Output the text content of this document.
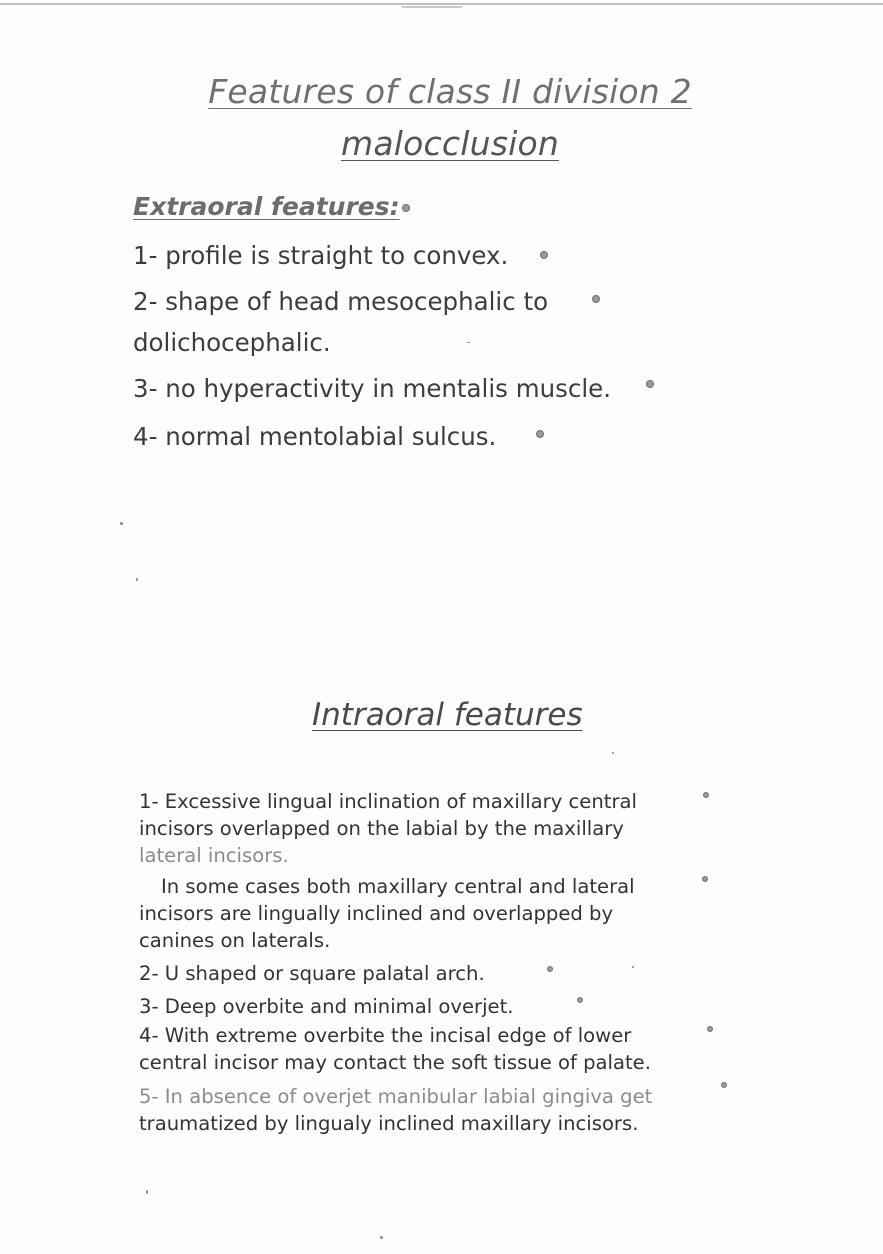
Features of class II division 2
malocclusion
Extraoral features:
1- profile is straight to convex.
2- shape of head mesocephalic to
dolichocephalic.
3- no hyperactivity in mentalis muscle.
4- normal mentolabial sulcus.
Intraoral features
1- Excessive lingual inclination of maxillary central
incisors overlapped on the labial by the maxillary
lateral incisors.
In some cases both maxillary central and lateral
incisors are lingually inclined and overlapped by
canines on laterals.
2- U shaped or square palatal arch.
3- Deep overbite and minimal overjet.
4- With extreme overbite the incisal edge of lower
central incisor may contact the soft tissue of palate.
5- In absence of overjet manibular labial gingiva get
traumatized by lingualy inclined maxillary incisors.
